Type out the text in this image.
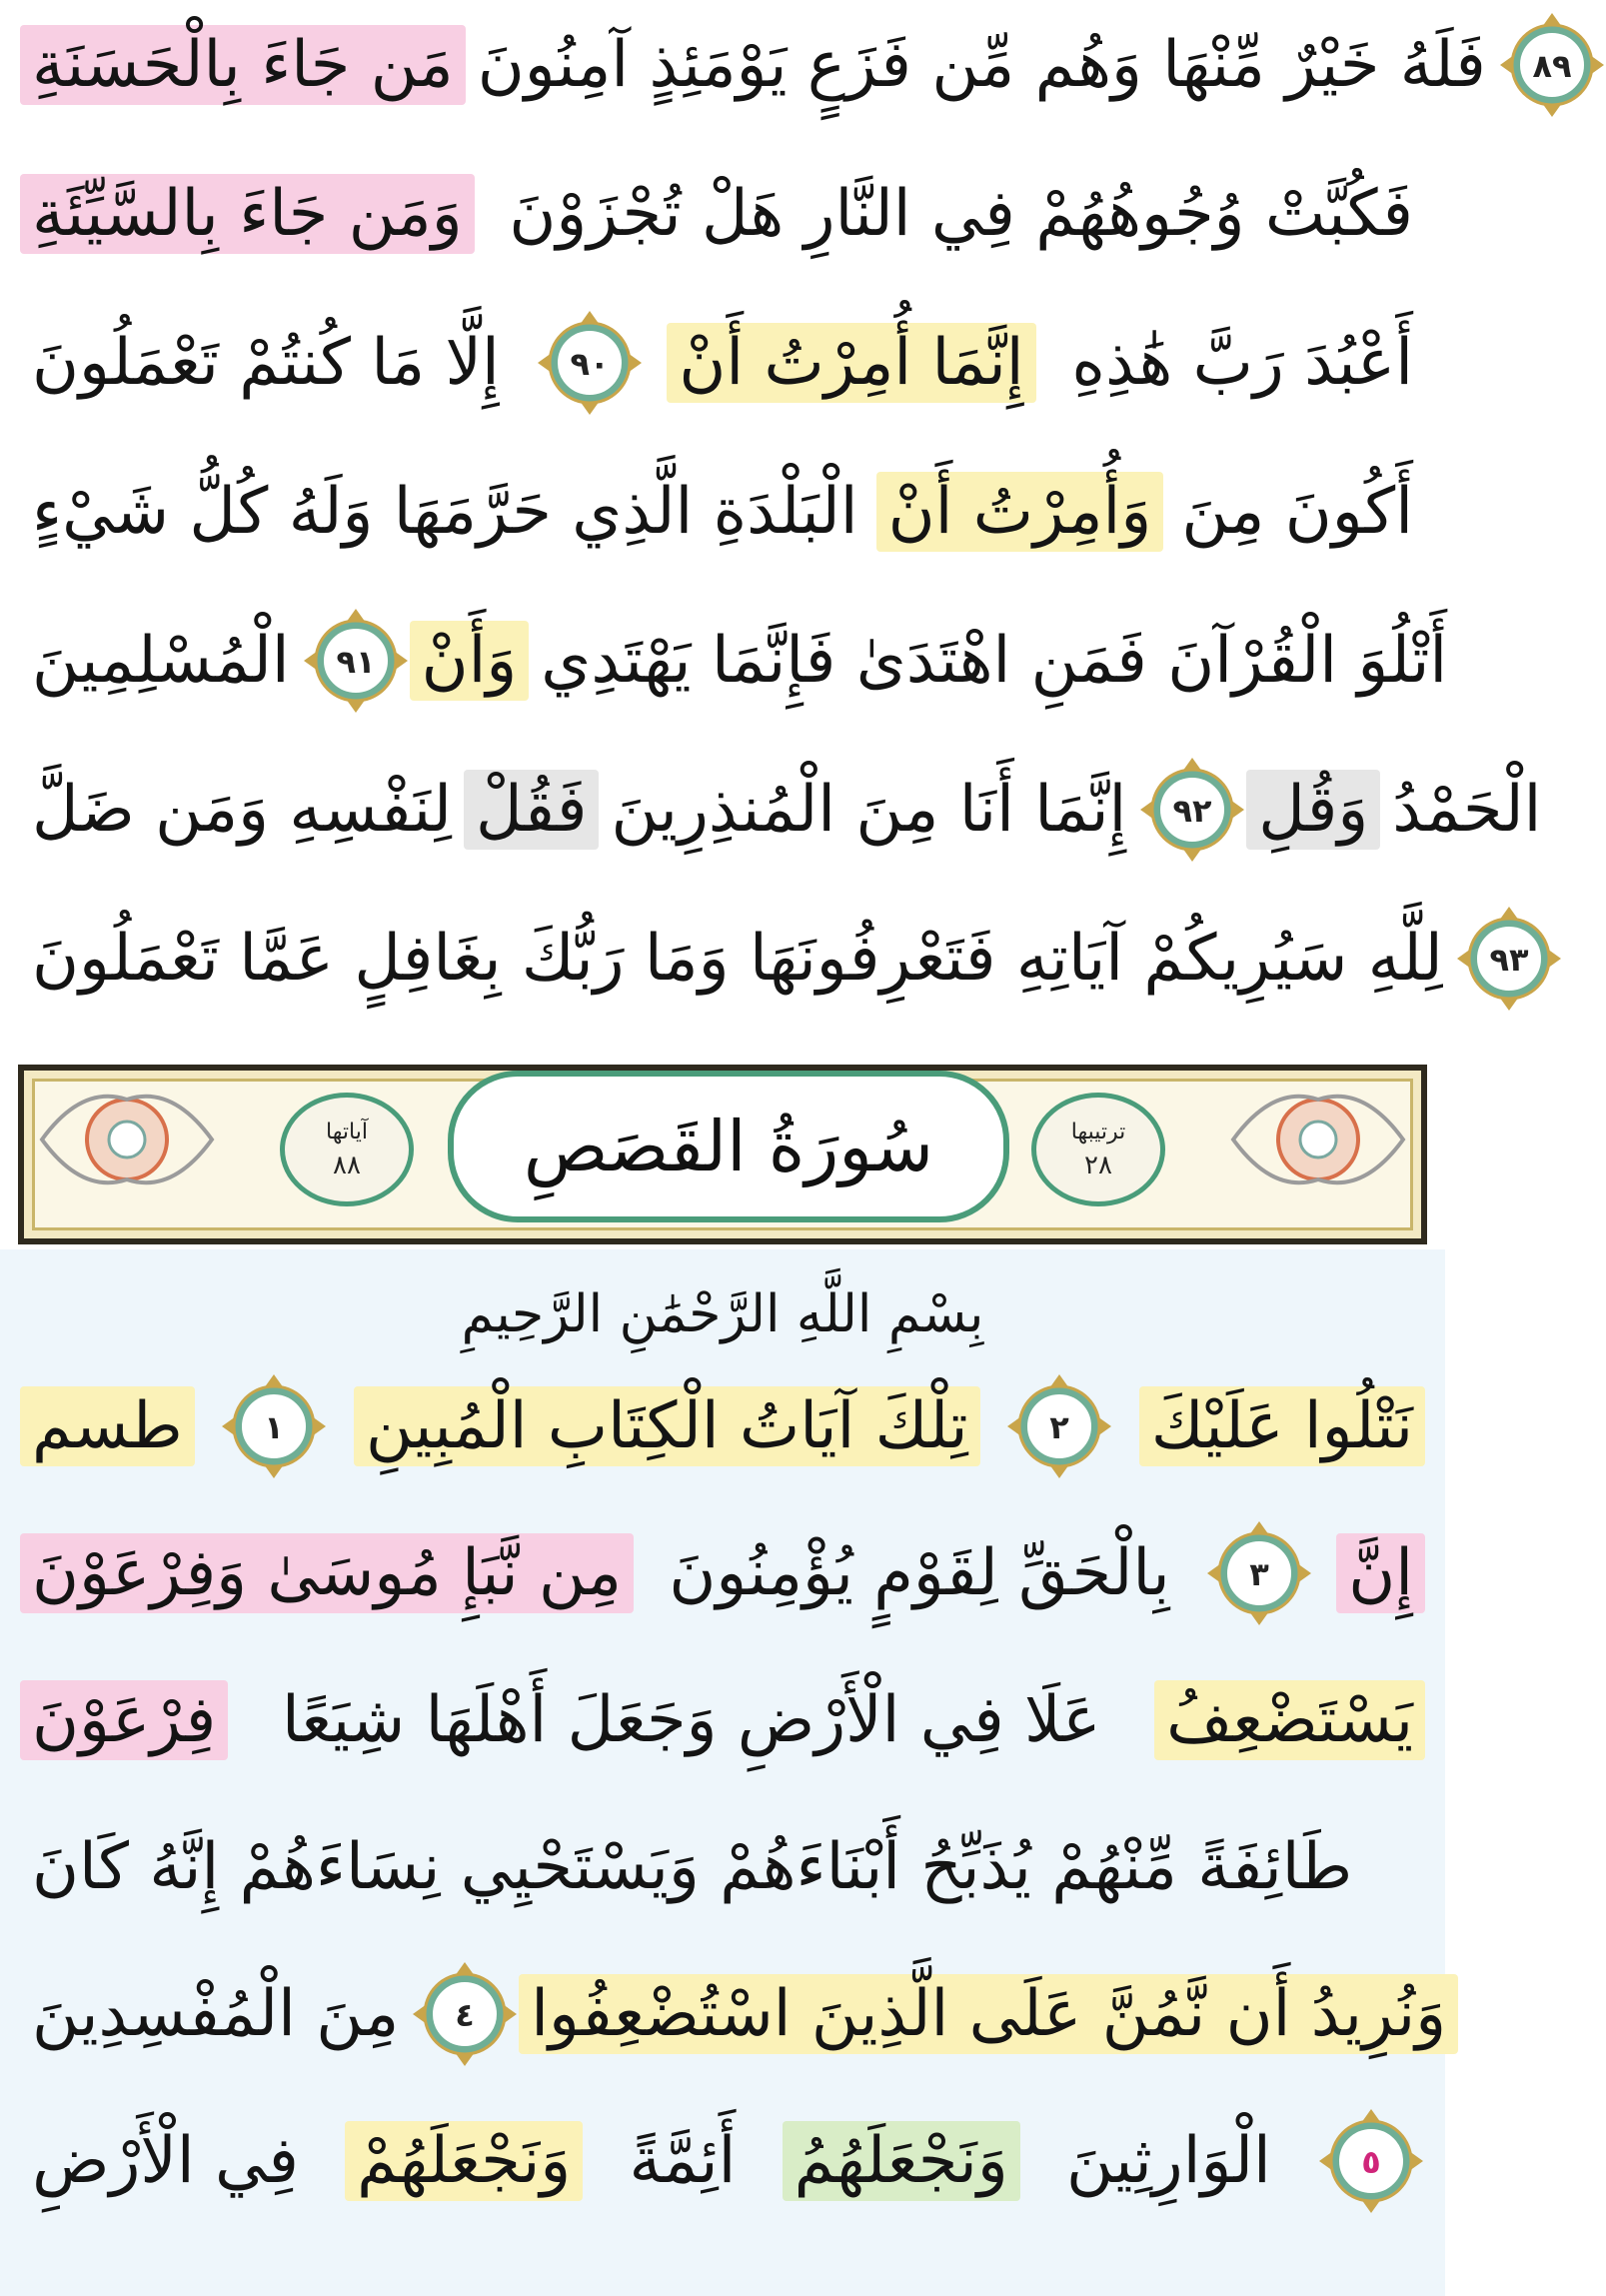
آياتها
٨٨ سُورَةُ القَصَصِ	ترتيبها
٢٨
بِسْمِ اللَّهِ الرَّحْمَٰنِ الرَّحِيمِ
مَن جَاءَ بِالْحَسَنَةِ فَلَهُ خَيْرٌ مِّنْهَا وَهُم مِّن فَزَعٍ يَوْمَئِذٍ آمِنُونَ	٨٩
وَمَن جَاءَ بِالسَّيِّئَةِ فَكُبَّتْ وُجُوهُهُمْ فِي النَّارِ هَلْ تُجْزَوْنَ
إِلَّا مَا كُنتُمْ تَعْمَلُونَ	٩٠ إِنَّمَا أُمِرْتُ أَنْ أَعْبُدَ رَبَّ هَٰذِهِ
الْبَلْدَةِ الَّذِي حَرَّمَهَا وَلَهُ كُلُّ شَيْءٍ وَأُمِرْتُ أَنْ أَكُونَ مِنَ
الْمُسْلِمِينَ	٩١ وَأَنْ أَتْلُوَ الْقُرْآنَ فَمَنِ اهْتَدَىٰ فَإِنَّمَا يَهْتَدِي
لِنَفْسِهِ وَمَن ضَلَّ فَقُلْ إِنَّمَا أَنَا مِنَ الْمُنذِرِينَ	٩٢ وَقُلِ الْحَمْدُ
لِلَّهِ سَيُرِيكُمْ آيَاتِهِ فَتَعْرِفُونَهَا وَمَا رَبُّكَ بِغَافِلٍ عَمَّا تَعْمَلُونَ	٩٣
طسم	١ تِلْكَ آيَاتُ الْكِتَابِ الْمُبِينِ	٢ نَتْلُوا عَلَيْكَ
مِن نَّبَإِ مُوسَىٰ وَفِرْعَوْنَ بِالْحَقِّ لِقَوْمٍ يُؤْمِنُونَ	٣ إِنَّ
فِرْعَوْنَ عَلَا فِي الْأَرْضِ وَجَعَلَ أَهْلَهَا شِيَعًا يَسْتَضْعِفُ
طَائِفَةً مِّنْهُمْ يُذَبِّحُ أَبْنَاءَهُمْ وَيَسْتَحْيِي نِسَاءَهُمْ إِنَّهُ كَانَ
مِنَ الْمُفْسِدِينَ	٤ وَنُرِيدُ أَن نَّمُنَّ عَلَى الَّذِينَ اسْتُضْعِفُوا
فِي الْأَرْضِ وَنَجْعَلَهُمْ أَئِمَّةً وَنَجْعَلَهُمُ الْوَارِثِينَ	٥
